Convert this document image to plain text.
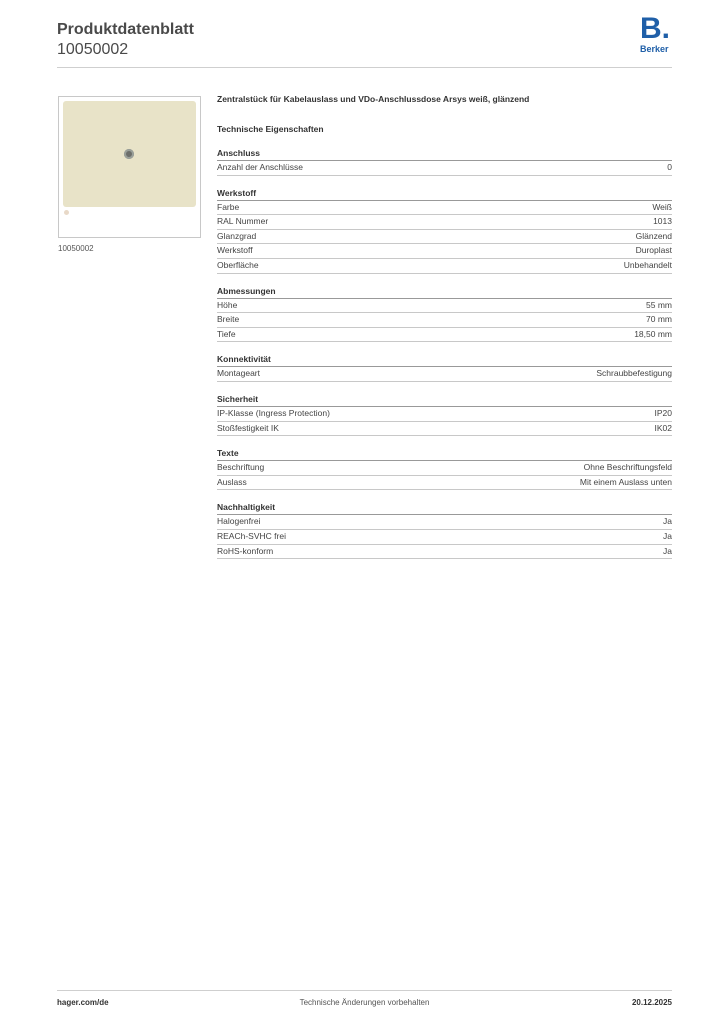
Produktdatenblatt
10050002
B.
Berker
10050002
Zentralstück für Kabelauslass und VDo-Anschlussdose Arsys weiß, glänzend
Technische Eigenschaften
Anschluss
Anzahl der Anschlüsse	0
Werkstoff
Farbe	Weiß
RAL Nummer	1013
Glanzgrad	Glänzend
Werkstoff	Duroplast
Oberfläche	Unbehandelt
Abmessungen
Höhe	55 mm
Breite	70 mm
Tiefe	18,50 mm
Konnektivität
Montageart	Schraubbefestigung
Sicherheit
IP-Klasse (Ingress Protection)	IP20
Stoßfestigkeit IK	IK02
Texte
Beschriftung	Ohne Beschriftungsfeld
Auslass	Mit einem Auslass unten
Nachhaltigkeit
Halogenfrei	Ja
REACh-SVHC frei	Ja
RoHS-konform	Ja
hager.com/de	Technische Änderungen vorbehalten	20.12.2025
